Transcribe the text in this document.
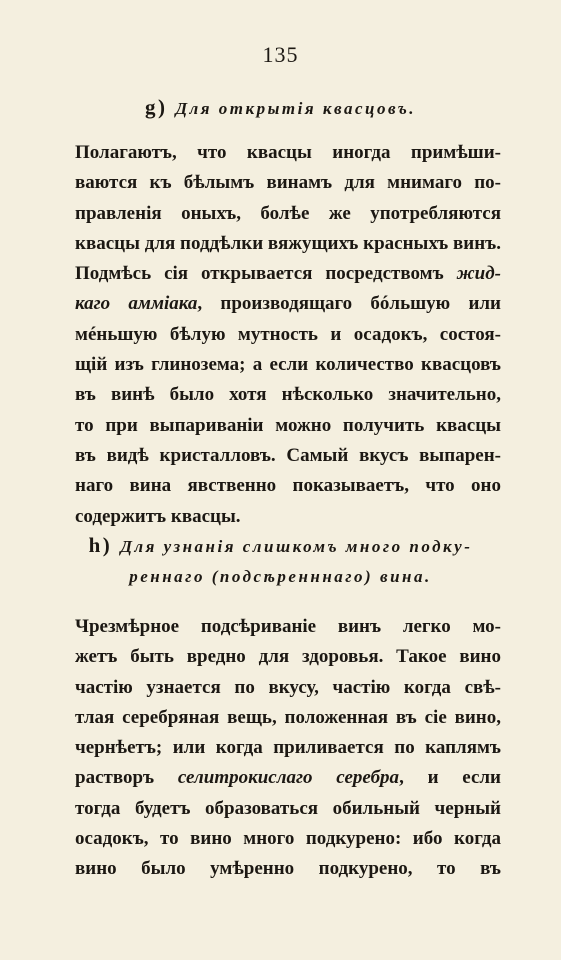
135
g) Для открытія квасцовъ.
Полагаютъ, что квасцы иногда примѣши-
ваются къ бѣлымъ винамъ для мнимаго по-
правленія оныхъ, болѣе же употребляются
квасцы для поддѣлки вяжущихъ красныхъ винъ.
Подмѣсь сія открывается посредствомъ жид-
каго аммiака, производящаго бóльшую или
мéньшую бѣлую мутность и осадокъ, состоя-
щій изъ глинозема; а если количество квасцовъ
въ винѣ было хотя нѣсколько значительно,
то при выпариваніи можно получить квасцы
въ видѣ кристалловъ. Самый вкусъ выпарен-
наго вина явственно показываетъ, что оно
содержитъ квасцы.
h) Для узнанія слишкомъ много подку-
реннаго (подсѣренннаго) вина.
Чрезмѣрное подсѣриваніе винъ легко мо-
жетъ быть вредно для здоровья. Такое вино
частію узнается по вкусу, частію когда свѣ-
тлая серебряная вещь, положенная въ сіе вино,
чернѣетъ; или когда приливается по каплямъ
растворъ селитрокислаго серебра, и если
тогда будетъ образоваться обильный черный
осадокъ, то вино много подкурено: ибо когда
вино было умѣренно подкурено, то въ
